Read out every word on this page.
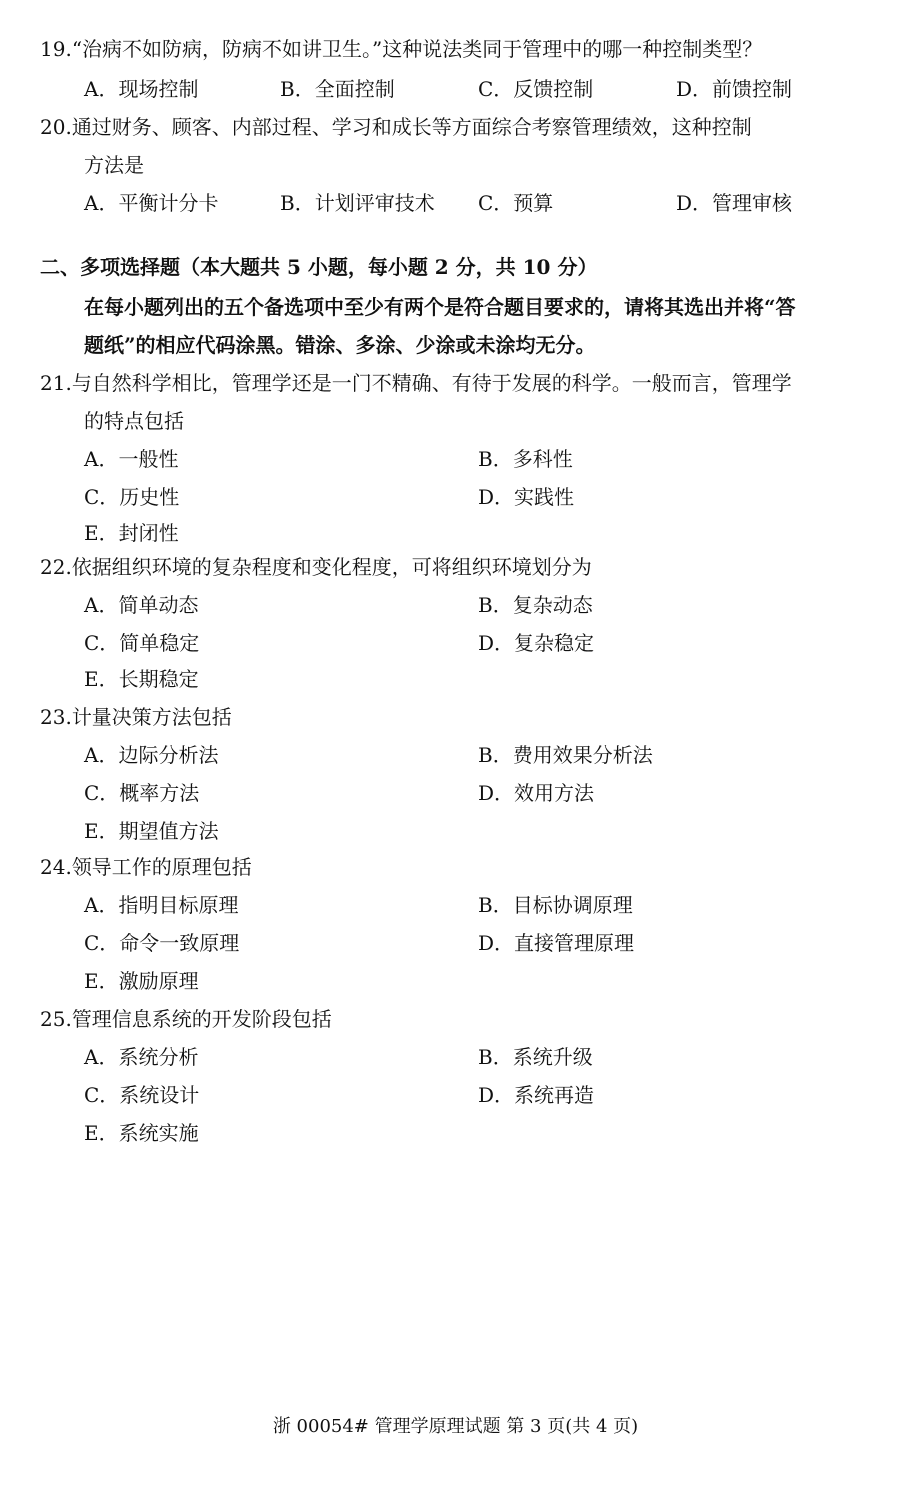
19.“治病不如防病，防病不如讲卫生。”这种说法类同于管理中的哪一种控制类型？
A．现场控制	B．全面控制	C．反馈控制	D．前馈控制
20.通过财务、顾客、内部过程、学习和成长等方面综合考察管理绩效，这种控制
方法是
A．平衡计分卡	B．计划评审技术 C．预算	D．管理审核
二、多项选择题（本大题共 5 小题，每小题 2 分，共 10 分）
在每小题列出的五个备选项中至少有两个是符合题目要求的，请将其选出并将“答
题纸”的相应代码涂黑。错涂、多涂、少涂或未涂均无分。
21.与自然科学相比，管理学还是一门不精确、有待于发展的科学。一般而言，管理学
的特点包括
A．一般性	B．多科性
C．历史性	D．实践性
E．封闭性
22.依据组织环境的复杂程度和变化程度，可将组织环境划分为
A．简单动态	B．复杂动态
C．简单稳定	D．复杂稳定
E．长期稳定
23.计量决策方法包括
A．边际分析法	B．费用效果分析法
C．概率方法	D．效用方法
E．期望值方法
24.领导工作的原理包括
A．指明目标原理	B．目标协调原理
C．命令一致原理	D．直接管理原理
E．激励原理
25.管理信息系统的开发阶段包括
A．系统分析	B．系统升级
C．系统设计	D．系统再造
E．系统实施
浙 00054# 管理学原理试题 第 3 页(共 4 页)
